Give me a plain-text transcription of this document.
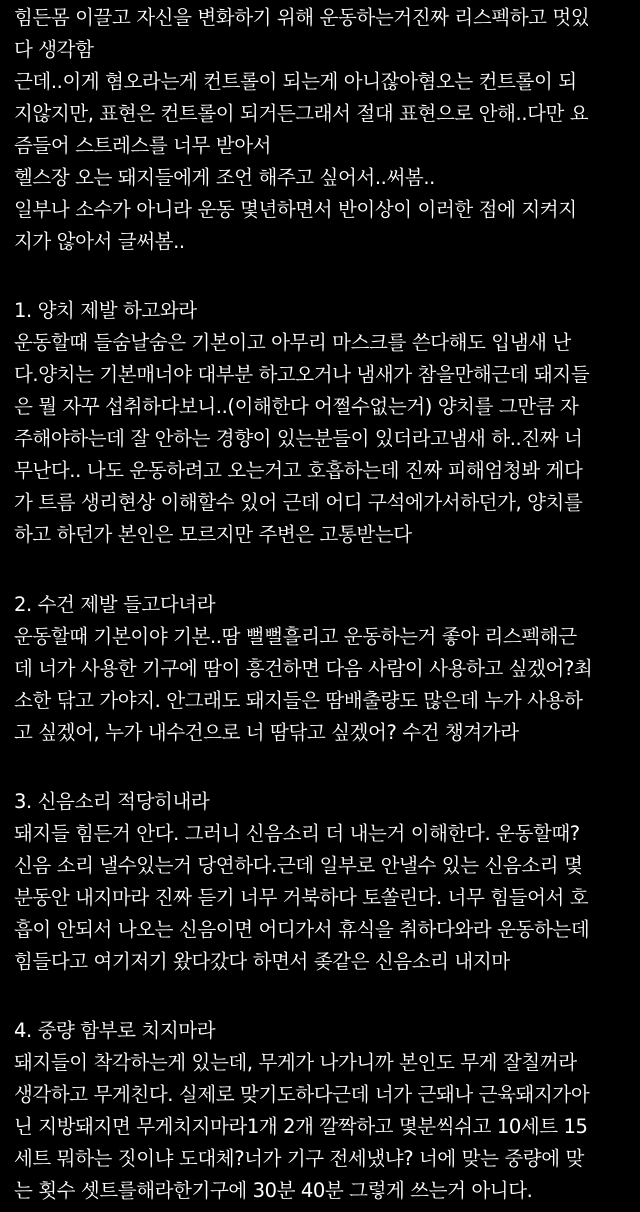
힘든몸 이끌고 자신을 변화하기 위해 운동하는거진짜 리스펙하고 멋있
다 생각함
근데..이게 혐오라는게 컨트롤이 되는게 아니잖아혐오는 컨트롤이 되
지않지만, 표현은 컨트롤이 되거든그래서 절대 표현으로 안해..다만 요
즘들어 스트레스를 너무 받아서
헬스장 오는 돼지들에게 조언 해주고 싶어서..써봄..
일부나 소수가 아니라 운동 몇년하면서 반이상이 이러한 점에 지켜지
지가 않아서 글써봄..
1. 양치 제발 하고와라
운동할때 들숨날숨은 기본이고 아무리 마스크를 쓴다해도 입냄새 난
다.양치는 기본매너야 대부분 하고오거나 냄새가 참을만해근데 돼지들
은 뭘 자꾸 섭취하다보니..(이해한다 어쩔수없는거) 양치를 그만큼 자
주해야하는데 잘 안하는 경향이 있는분들이 있더라고냄새 하..진짜 너
무난다.. 나도 운동하려고 오는거고 호흡하는데 진짜 피해엄청봐 게다
가 트름 생리현상 이해할수 있어 근데 어디 구석에가서하던가, 양치를
하고 하던가 본인은 모르지만 주변은 고통받는다
2. 수건 제발 들고다녀라
운동할때 기본이야 기본..땀 뻘뻘흘리고 운동하는거 좋아 리스펙해근
데 너가 사용한 기구에 땀이 흥건하면 다음 사람이 사용하고 싶겠어?최
소한 닦고 가야지. 안그래도 돼지들은 땀배출량도 많은데 누가 사용하
고 싶겠어, 누가 내수건으로 너 땀닦고 싶겠어? 수건 챙겨가라
3. 신음소리 적당히내라
돼지들 힘든거 안다. 그러니 신음소리 더 내는거 이해한다. 운동할때?
신음 소리 낼수있는거 당연하다.근데 일부로 안낼수 있는 신음소리 몇
분동안 내지마라 진짜 듣기 너무 거북하다 토쏠린다. 너무 힘들어서 호
흡이 안되서 나오는 신음이면 어디가서 휴식을 취하다와라 운동하는데
힘들다고 여기저기 왔다갔다 하면서 좆같은 신음소리 내지마
4. 중량 함부로 치지마라
돼지들이 착각하는게 있는데, 무게가 나가니까 본인도 무게 잘칠꺼라
생각하고 무게친다. 실제로 맞기도하다근데 너가 근돼나 근육돼지가아
닌 지방돼지면 무게치지마라1개 2개 깔짝하고 몇분씩쉬고 10세트 15
세트 뭐하는 짓이냐 도대체?너가 기구 전세냈냐? 너에 맞는 중량에 맞
는 횟수 셋트를해라한기구에 30분 40분 그렇게 쓰는거 아니다.
